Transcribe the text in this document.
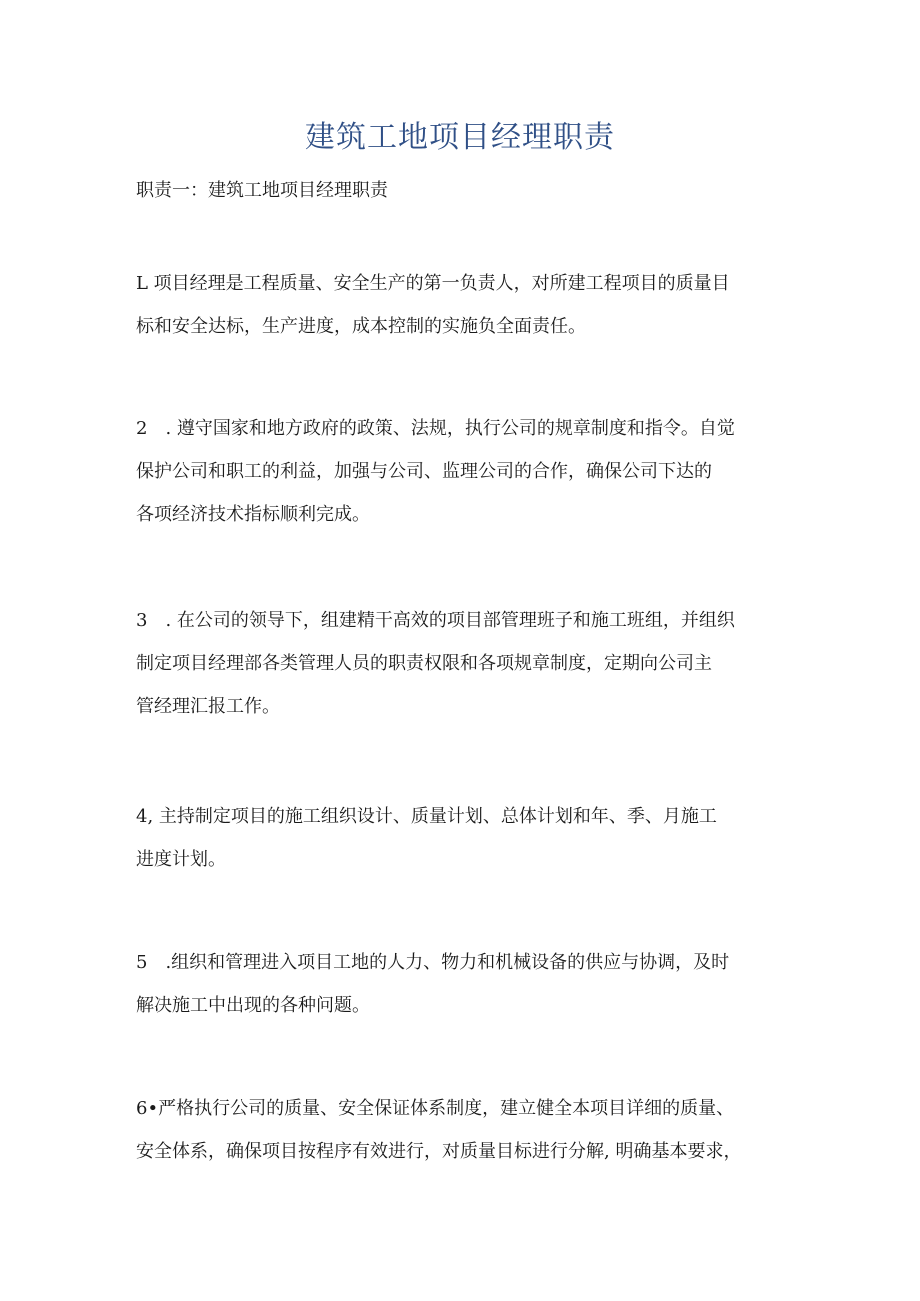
建筑工地项目经理职责

职责一：建筑工地项目经理职责

L 项目经理是工程质量、安全生产的第一负责人，对所建工程项目的质量目
标和安全达标，生产进度，成本控制的实施负全面责任。

2　. 遵守国家和地方政府的政策、法规，执行公司的规章制度和指令。自觉
保护公司和职工的利益，加强与公司、监理公司的合作，确保公司下达的
各项经济技术指标顺利完成。

3　. 在公司的领导下，组建精干高效的项目部管理班子和施工班组，并组织
制定项目经理部各类管理人员的职责权限和各项规章制度，定期向公司主
管经理汇报工作。

4, 主持制定项目的施工组织设计、质量计划、总体计划和年、季、月施工
进度计划。

5　.组织和管理进入项目工地的人力、物力和机械设备的供应与协调，及时
解决施工中出现的各种问题。

6•严格执行公司的质量、安全保证体系制度，建立健全本项目详细的质量、
安全体系，确保项目按程序有效进行，对质量目标进行分解, 明确基本要求，
